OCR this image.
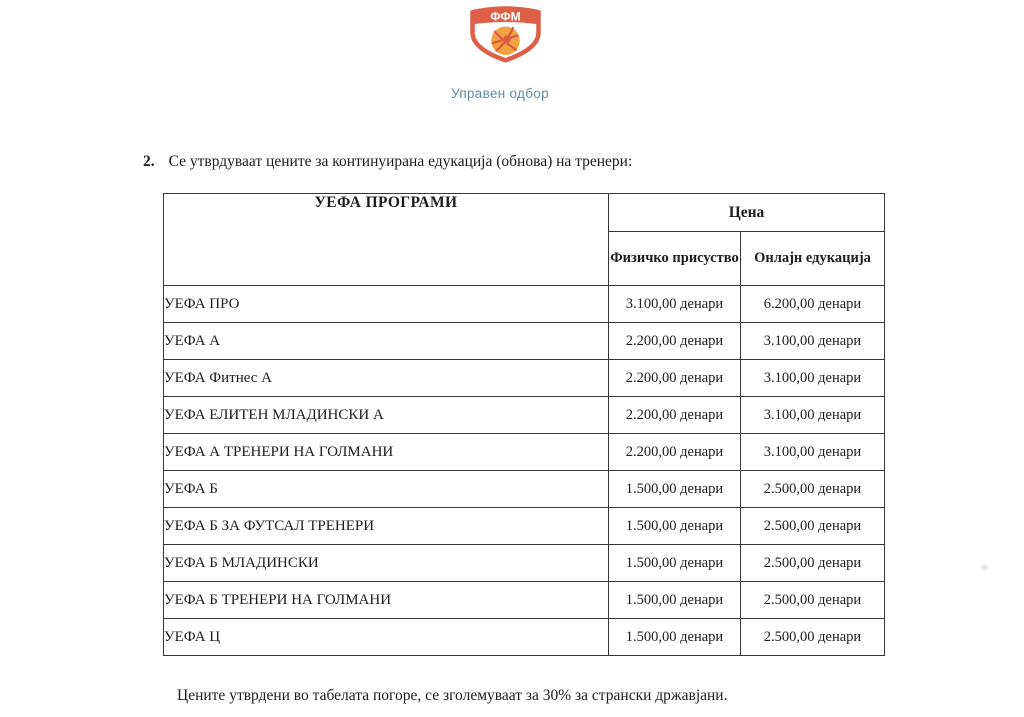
ФФМ
Управен одбор
2. Се утврдуваат цените за континуирана едукација (обнова) на тренери:
УЕФА ПРОГРАМИ	Цена	
	Физичко присуство	Онлајн едукација
УЕФА ПРО	3.100,00 денари	6.200,00 денари
УЕФА А	2.200,00 денари	3.100,00 денари
УЕФА Фитнес А	2.200,00 денари	3.100,00 денари
УЕФА ЕЛИТЕН МЛАДИНСКИ А	2.200,00 денари	3.100,00 денари
УЕФА А ТРЕНЕРИ НА ГОЛМАНИ	2.200,00 денари	3.100,00 денари
УЕФА Б	1.500,00 денари	2.500,00 денари
УЕФА Б ЗА ФУТСАЛ ТРЕНЕРИ	1.500,00 денари	2.500,00 денари
УЕФА Б МЛАДИНСКИ	1.500,00 денари	2.500,00 денари
УЕФА Б ТРЕНЕРИ НА ГОЛМАНИ	1.500,00 денари	2.500,00 денари
УЕФА Ц	1.500,00 денари	2.500,00 денари
Цените утврдени во табелата погоре, се зголемуваат за 30% за странски државјани.
